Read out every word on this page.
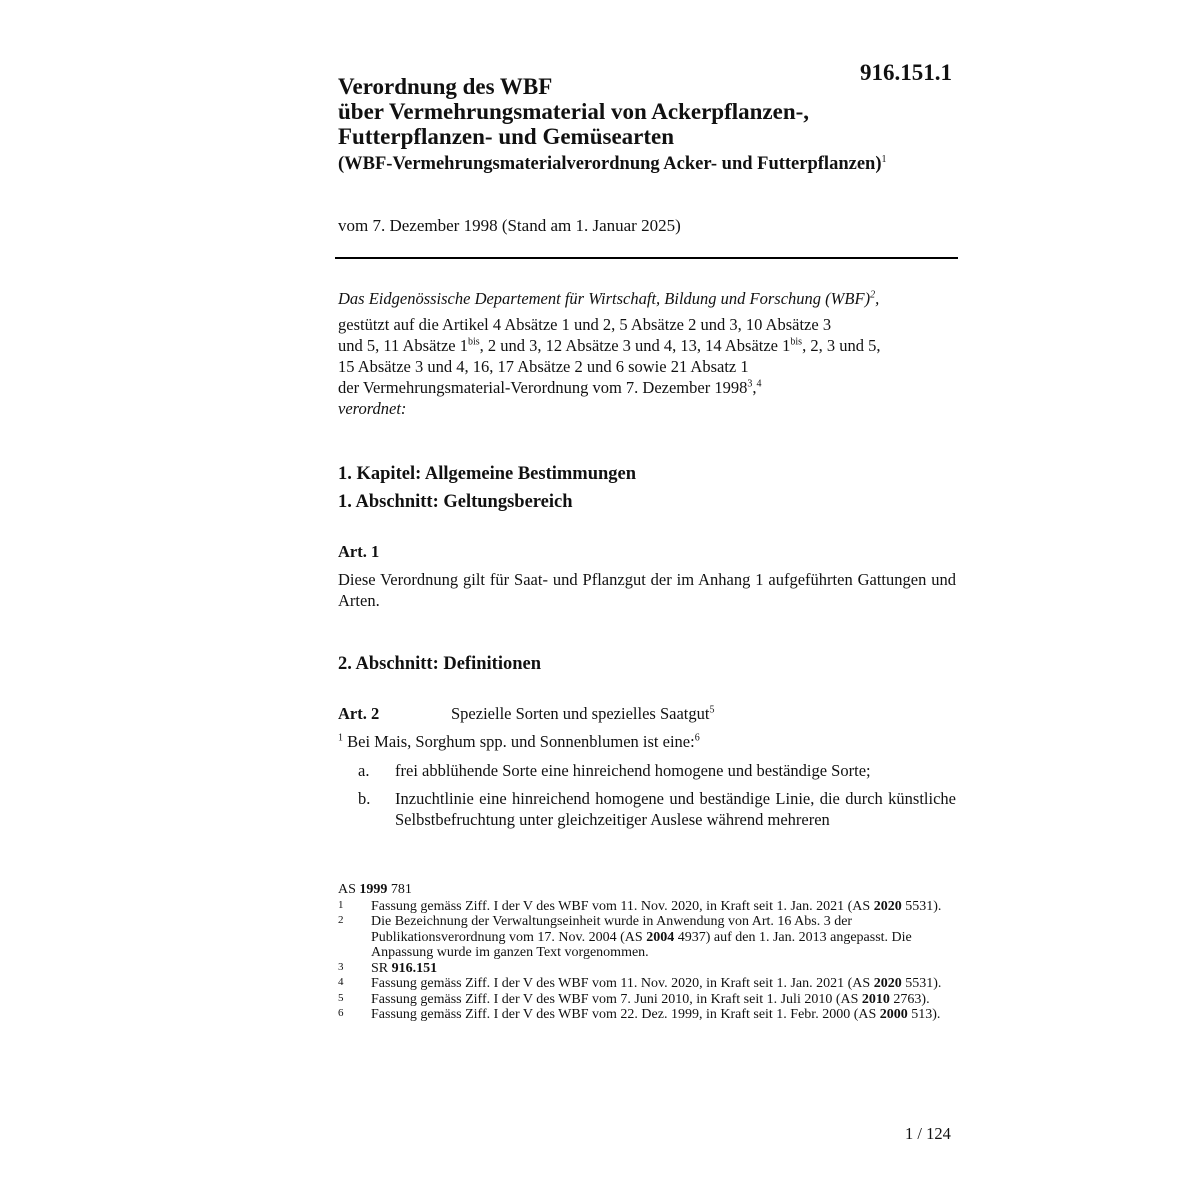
916.151.1
Verordnung des WBF
über Vermehrungsmaterial von Ackerpflanzen-,
Futterpflanzen- und Gemüsearten
(WBF-Vermehrungsmaterialverordnung Acker- und Futterpflanzen)$^1$
vom 7. Dezember 1998 (Stand am 1. Januar 2025)
Das Eidgenössische Departement für Wirtschaft, Bildung und Forschung (WBF)$^2$,
gestützt auf die Artikel 4 Absätze 1 und 2, 5 Absätze 2 und 3, 10 Absätze 3
und 5, 11 Absätze $1^{bis}$, 2 und 3, 12 Absätze 3 und 4, 13, 14 Absätze $1^{bis}$, 2, 3 und 5,
15 Absätze 3 und 4, 16, 17 Absätze 2 und 6 sowie 21 Absatz 1
der Vermehrungsmaterial-Verordnung vom 7. Dezember 1998$^3$,$^4$
verordnet:
1. Kapitel: Allgemeine Bestimmungen
1. Abschnitt: Geltungsbereich
Art. 1
Diese Verordnung gilt für Saat- und Pflanzgut der im Anhang 1 aufgeführten Gattungen und Arten.
2. Abschnitt: Definitionen
Art. 2	Spezielle Sorten und spezielles Saatgut$^5$
$^1$ Bei Mais, Sorghum spp. und Sonnenblumen ist eine:$^6$
a.	frei abblühende Sorte eine hinreichend homogene und beständige Sorte;
b.	Inzuchtlinie eine hinreichend homogene und beständige Linie, die durch künstliche Selbstbefruchtung unter gleichzeitiger Auslese während mehreren
AS 1999 781
1	Fassung gemäss Ziff. I der V des WBF vom 11. Nov. 2020, in Kraft seit 1. Jan. 2021 (AS 2020 5531).
2	Die Bezeichnung der Verwaltungseinheit wurde in Anwendung von Art. 16 Abs. 3 der Publikationsverordnung vom 17. Nov. 2004 (AS 2004 4937) auf den 1. Jan. 2013 angepasst. Die Anpassung wurde im ganzen Text vorgenommen.
3	SR 916.151
4	Fassung gemäss Ziff. I der V des WBF vom 11. Nov. 2020, in Kraft seit 1. Jan. 2021 (AS 2020 5531).
5	Fassung gemäss Ziff. I der V des WBF vom 7. Juni 2010, in Kraft seit 1. Juli 2010 (AS 2010 2763).
6	Fassung gemäss Ziff. I der V des WBF vom 22. Dez. 1999, in Kraft seit 1. Febr. 2000 (AS 2000 513).
1 / 124
